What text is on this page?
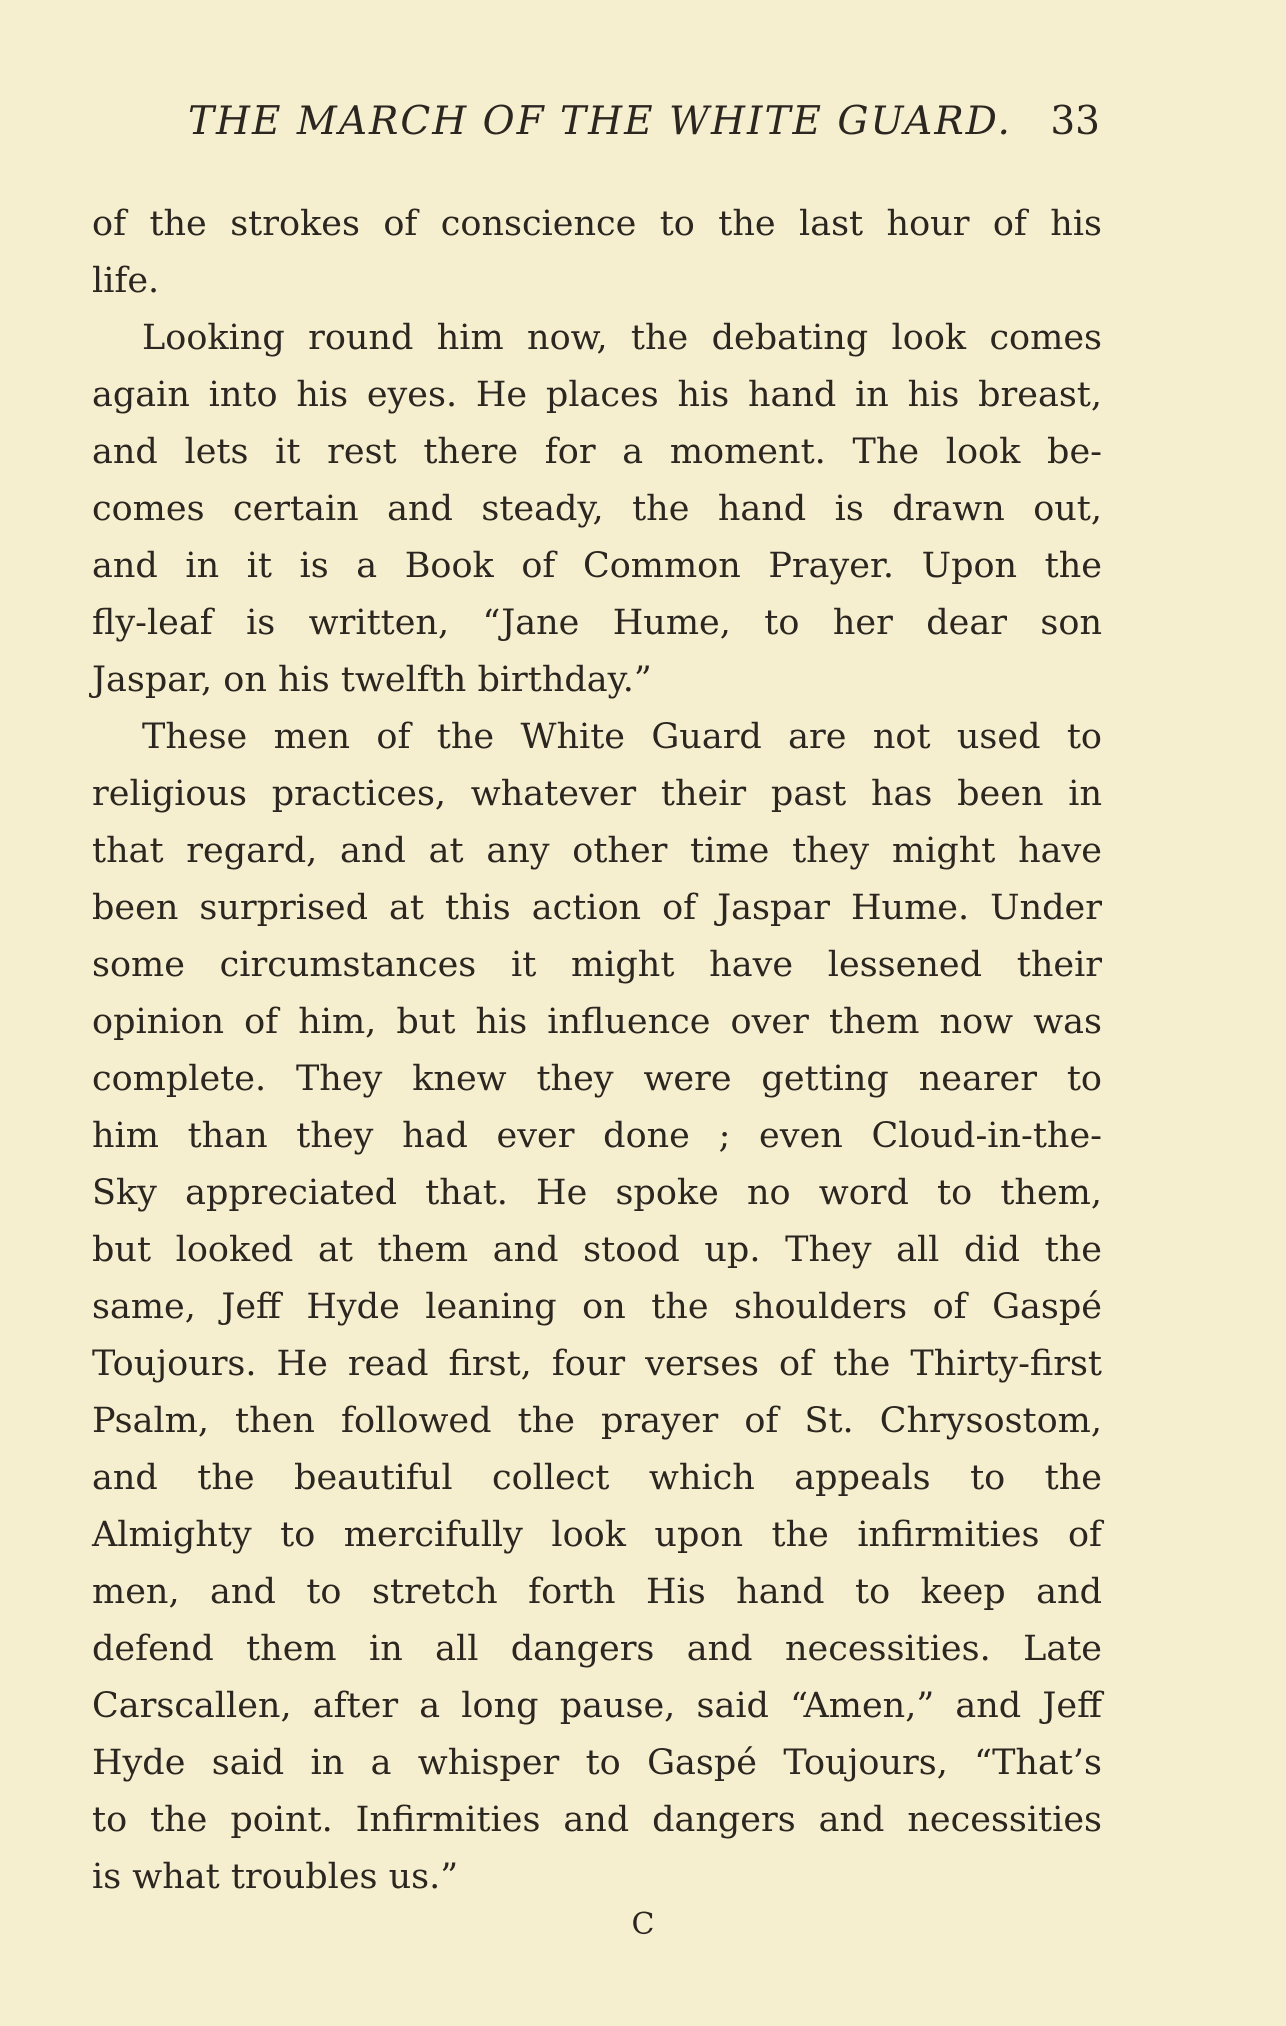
THE MARCH OF THE WHITE GUARD. 33
of the strokes of conscience to the last hour of his
life.
Looking round him now, the debating look comes
again into his eyes. He places his hand in his breast,
and lets it rest there for a moment. The look be-
comes certain and steady, the hand is drawn out,
and in it is a Book of Common Prayer. Upon the
fly-leaf is written, “Jane Hume, to her dear son
Jaspar, on his twelfth birthday.”
These men of the White Guard are not used to
religious practices, whatever their past has been in
that regard, and at any other time they might have
been surprised at this action of Jaspar Hume. Under
some circumstances it might have lessened their
opinion of him, but his influence over them now was
complete. They knew they were getting nearer to
him than they had ever done ; even Cloud-in-the-
Sky appreciated that. He spoke no word to them,
but looked at them and stood up. They all did the
same, Jeff Hyde leaning on the shoulders of Gaspé
Toujours. He read first, four verses of the Thirty-first
Psalm, then followed the prayer of St. Chrysostom,
and the beautiful collect which appeals to the
Almighty to mercifully look upon the infirmities of
men, and to stretch forth His hand to keep and
defend them in all dangers and necessities. Late
Carscallen, after a long pause, said “Amen,” and Jeff
Hyde said in a whisper to Gaspé Toujours, “That’s
to the point. Infirmities and dangers and necessities
is what troubles us.”
C
